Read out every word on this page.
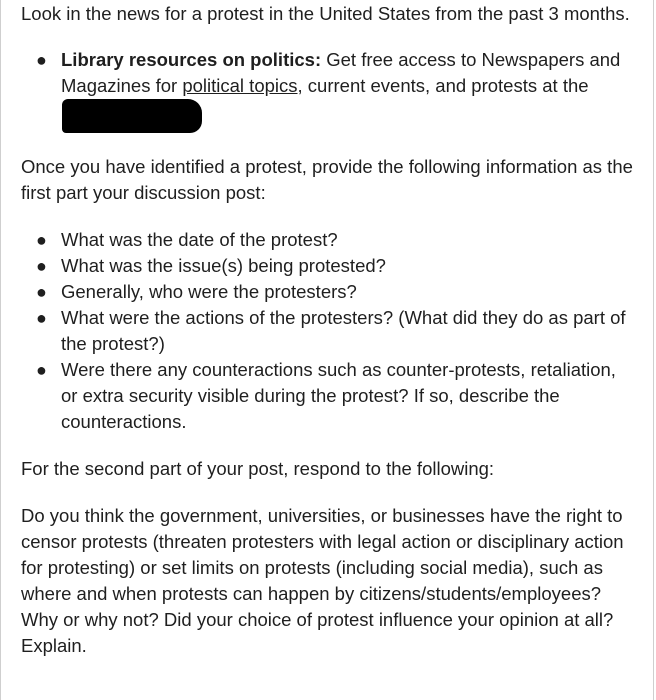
Look in the news for a protest in the United States from the past 3 months.

● Library resources on politics: Get free access to Newspapers and Magazines for political topics, current events, and protests at the

Once you have identified a protest, provide the following information as the first part your discussion post:

● What was the date of the protest?
● What was the issue(s) being protested?
● Generally, who were the protesters?
● What were the actions of the protesters? (What did they do as part of the protest?)
● Were there any counteractions such as counter-protests, retaliation, or extra security visible during the protest? If so, describe the counteractions.

For the second part of your post, respond to the following:

Do you think the government, universities, or businesses have the right to censor protests (threaten protesters with legal action or disciplinary action for protesting) or set limits on protests (including social media), such as where and when protests can happen by citizens/students/employees? Why or why not? Did your choice of protest influence your opinion at all? Explain.
